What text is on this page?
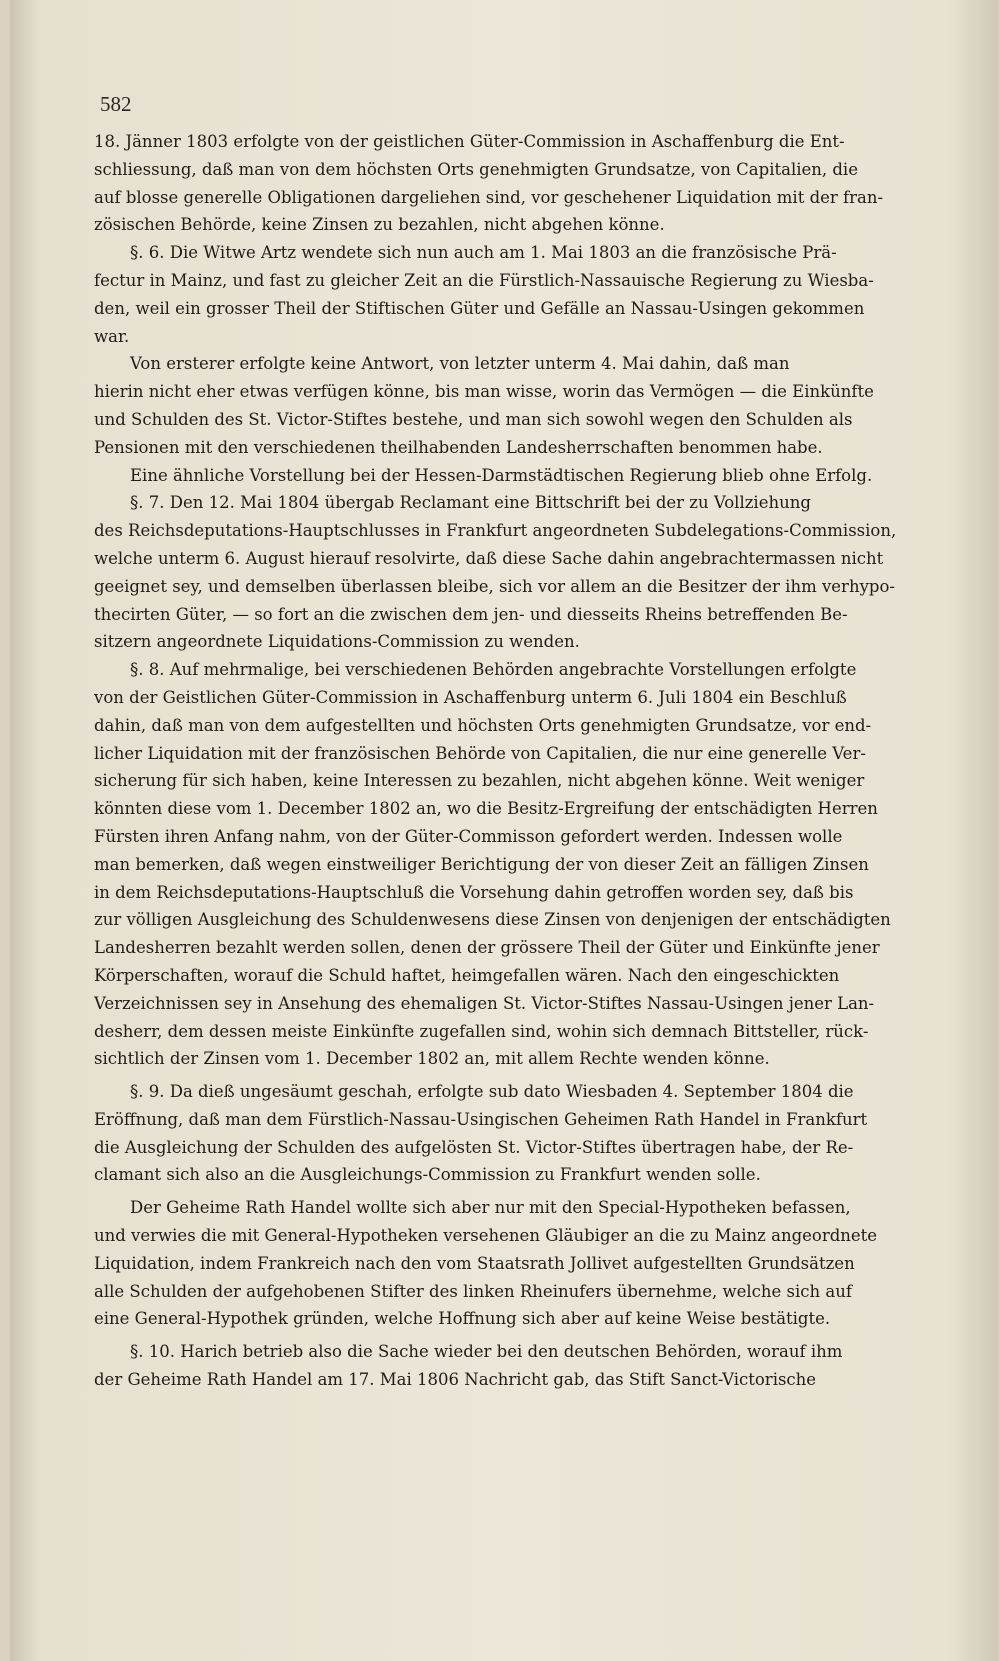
582
18. Jänner 1803 erfolgte von der geistlichen Güter-Commission in Aschaffenburg die Ent-
schliessung, daß man von dem höchsten Orts genehmigten Grundsatze, von Capitalien, die
auf blosse generelle Obligationen dargeliehen sind, vor geschehener Liquidation mit der fran-
zösischen Behörde, keine Zinsen zu bezahlen, nicht abgehen könne.
§. 6. Die Witwe Artz wendete sich nun auch am 1. Mai 1803 an die französische Prä-
fectur in Mainz, und fast zu gleicher Zeit an die Fürstlich-Nassauische Regierung zu Wiesba-
den, weil ein grosser Theil der Stiftischen Güter und Gefälle an Nassau-Usingen gekommen
war.
Von ersterer erfolgte keine Antwort, von letzter unterm 4. Mai dahin, daß man
hierin nicht eher etwas verfügen könne, bis man wisse, worin das Vermögen — die Einkünfte
und Schulden des St. Victor-Stiftes bestehe, und man sich sowohl wegen den Schulden als
Pensionen mit den verschiedenen theilhabenden Landesherrschaften benommen habe.
Eine ähnliche Vorstellung bei der Hessen-Darmstädtischen Regierung blieb ohne Erfolg.
§. 7. Den 12. Mai 1804 übergab Reclamant eine Bittschrift bei der zu Vollziehung
des Reichsdeputations-Hauptschlusses in Frankfurt angeordneten Subdelegations-Commission,
welche unterm 6. August hierauf resolvirte, daß diese Sache dahin angebrachtermassen nicht
geeignet sey, und demselben überlassen bleibe, sich vor allem an die Besitzer der ihm verhypo-
thecirten Güter, — so fort an die zwischen dem jen- und diesseits Rheins betreffenden Be-
sitzern angeordnete Liquidations-Commission zu wenden.
§. 8. Auf mehrmalige, bei verschiedenen Behörden angebrachte Vorstellungen erfolgte
von der Geistlichen Güter-Commission in Aschaffenburg unterm 6. Juli 1804 ein Beschluß
dahin, daß man von dem aufgestellten und höchsten Orts genehmigten Grundsatze, vor end-
licher Liquidation mit der französischen Behörde von Capitalien, die nur eine generelle Ver-
sicherung für sich haben, keine Interessen zu bezahlen, nicht abgehen könne. Weit weniger
könnten diese vom 1. December 1802 an, wo die Besitz-Ergreifung der entschädigten Herren
Fürsten ihren Anfang nahm, von der Güter-Commisson gefordert werden. Indessen wolle
man bemerken, daß wegen einstweiliger Berichtigung der von dieser Zeit an fälligen Zinsen
in dem Reichsdeputations-Hauptschluß die Vorsehung dahin getroffen worden sey, daß bis
zur völligen Ausgleichung des Schuldenwesens diese Zinsen von denjenigen der entschädigten
Landesherren bezahlt werden sollen, denen der grössere Theil der Güter und Einkünfte jener
Körperschaften, worauf die Schuld haftet, heimgefallen wären. Nach den eingeschickten
Verzeichnissen sey in Ansehung des ehemaligen St. Victor-Stiftes Nassau-Usingen jener Lan-
desherr, dem dessen meiste Einkünfte zugefallen sind, wohin sich demnach Bittsteller, rück-
sichtlich der Zinsen vom 1. December 1802 an, mit allem Rechte wenden könne.
§. 9. Da dieß ungesäumt geschah, erfolgte sub dato Wiesbaden 4. September 1804 die
Eröffnung, daß man dem Fürstlich-Nassau-Usingischen Geheimen Rath Handel in Frankfurt
die Ausgleichung der Schulden des aufgelösten St. Victor-Stiftes übertragen habe, der Re-
clamant sich also an die Ausgleichungs-Commission zu Frankfurt wenden solle.
Der Geheime Rath Handel wollte sich aber nur mit den Special-Hypotheken befassen,
und verwies die mit General-Hypotheken versehenen Gläubiger an die zu Mainz angeordnete
Liquidation, indem Frankreich nach den vom Staatsrath Jollivet aufgestellten Grundsätzen
alle Schulden der aufgehobenen Stifter des linken Rheinufers übernehme, welche sich auf
eine General-Hypothek gründen, welche Hoffnung sich aber auf keine Weise bestätigte.
§. 10. Harich betrieb also die Sache wieder bei den deutschen Behörden, worauf ihm
der Geheime Rath Handel am 17. Mai 1806 Nachricht gab, das Stift Sanct-Victorische
